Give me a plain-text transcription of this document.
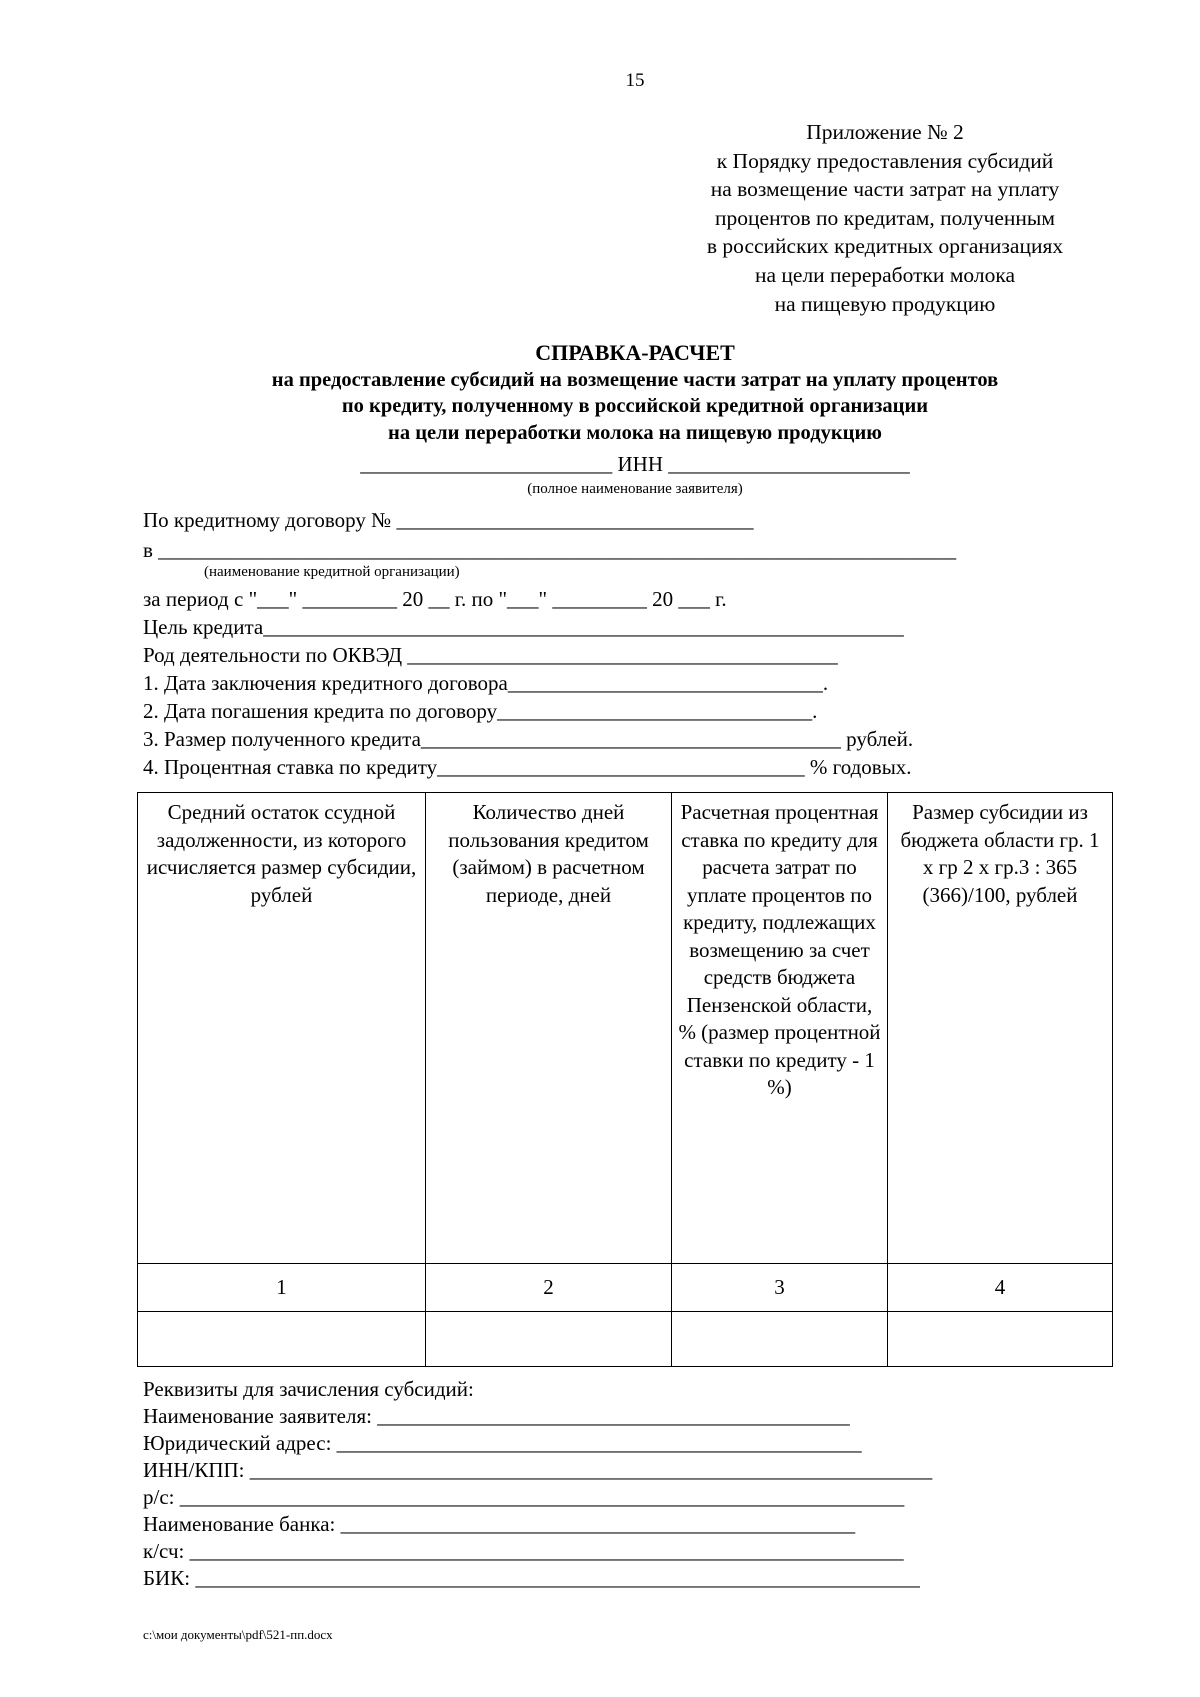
15
Приложение № 2
к Порядку предоставления субсидий
на возмещение части затрат на уплату
процентов по кредитам, полученным
в российских кредитных организациях
на цели переработки молока
на пищевую продукцию
СПРАВКА-РАСЧЕТ
на предоставление субсидий на возмещение части затрат на уплату процентов
по кредиту, полученному в российской кредитной организации
на цели переработки молока на пищевую продукцию
________________________ ИНН _______________________
(полное наименование заявителя)
По кредитному договору № __________________________________
в ____________________________________________________________________________
(наименование кредитной организации)
за период с "___" _________ 20 __ г. по "___" _________ 20 ___ г.
Цель кредита_____________________________________________________________
Род деятельности по ОКВЭД _________________________________________
1. Дата заключения кредитного договора______________________________.
2. Дата погашения кредита по договору______________________________.
3. Размер полученного кредита________________________________________ рублей.
4. Процентная ставка по кредиту___________________________________ % годовых.
Средний остаток ссудной задолженности, из которого исчисляется размер субсидии, рублей	Количество дней пользования кредитом (займом) в расчетном периоде, дней	Расчетная процентная ставка по кредиту для расчета затрат по уплате процентов по кредиту, подлежащих возмещению за счет средств бюджета Пензенской области, % (размер процентной ставки по кредиту - 1 %)	Размер субсидии из бюджета области гр. 1 х гр 2 х гр.3 : 365 (366)/100, рублей
1	2	3	4

Реквизиты для зачисления субсидий:
Наименование заявителя: _____________________________________________
Юридический адрес: __________________________________________________
ИНН/КПП: _________________________________________________________________
р/с: _____________________________________________________________________
Наименование банка: _________________________________________________
к/сч: ____________________________________________________________________
БИК: _____________________________________________________________________
c:\мои документы\pdf\521-пп.docx
